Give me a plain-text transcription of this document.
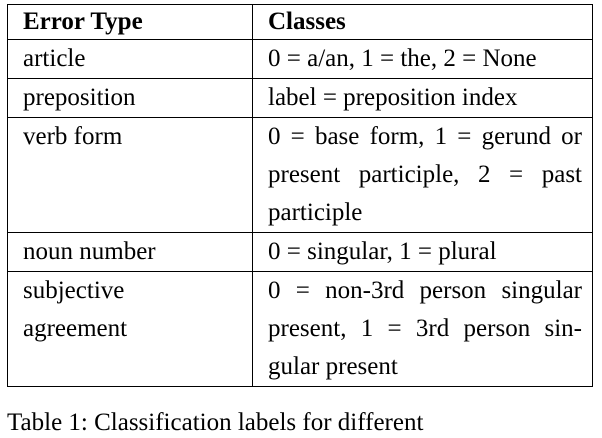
Error Type	Classes
article	0 = a/an, 1 = the, 2 = None
preposition	label = preposition index
verb form	0 = base form, 1 = gerund or present participle, 2 = past participle
noun number	0 = singular, 1 = plural
subjective agreement	0 = non-3rd person singular present, 1 = 3rd person singular present
Table 1: Classification labels for different
